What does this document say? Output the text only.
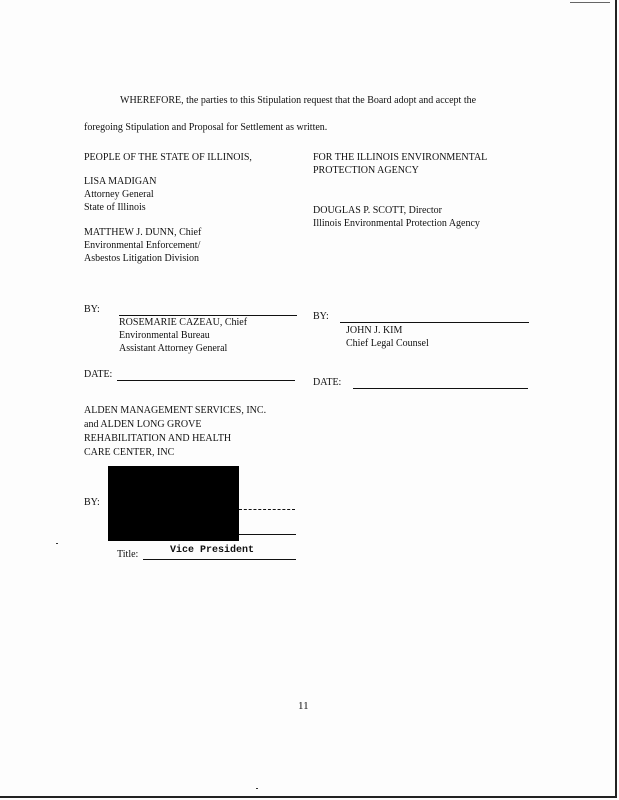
WHEREFORE, the parties to this Stipulation request that the Board adopt and accept the
foregoing Stipulation and Proposal for Settlement as written.
PEOPLE OF THE STATE OF ILLINOIS,
LISA MADIGAN
Attorney General
State of Illinois
MATTHEW J. DUNN, Chief
Environmental Enforcement/
Asbestos Litigation Division
BY:
ROSEMARIE CAZEAU, Chief
Environmental Bureau
Assistant Attorney General
DATE:
FOR THE ILLINOIS ENVIRONMENTAL
PROTECTION AGENCY
DOUGLAS P. SCOTT, Director
Illinois Environmental Protection Agency
BY:
JOHN J. KIM
Chief Legal Counsel
DATE:
ALDEN MANAGEMENT SERVICES, INC.
and ALDEN LONG GROVE
REHABILITATION AND HEALTH
CARE CENTER, INC
BY:
Title:	Vice President
11
